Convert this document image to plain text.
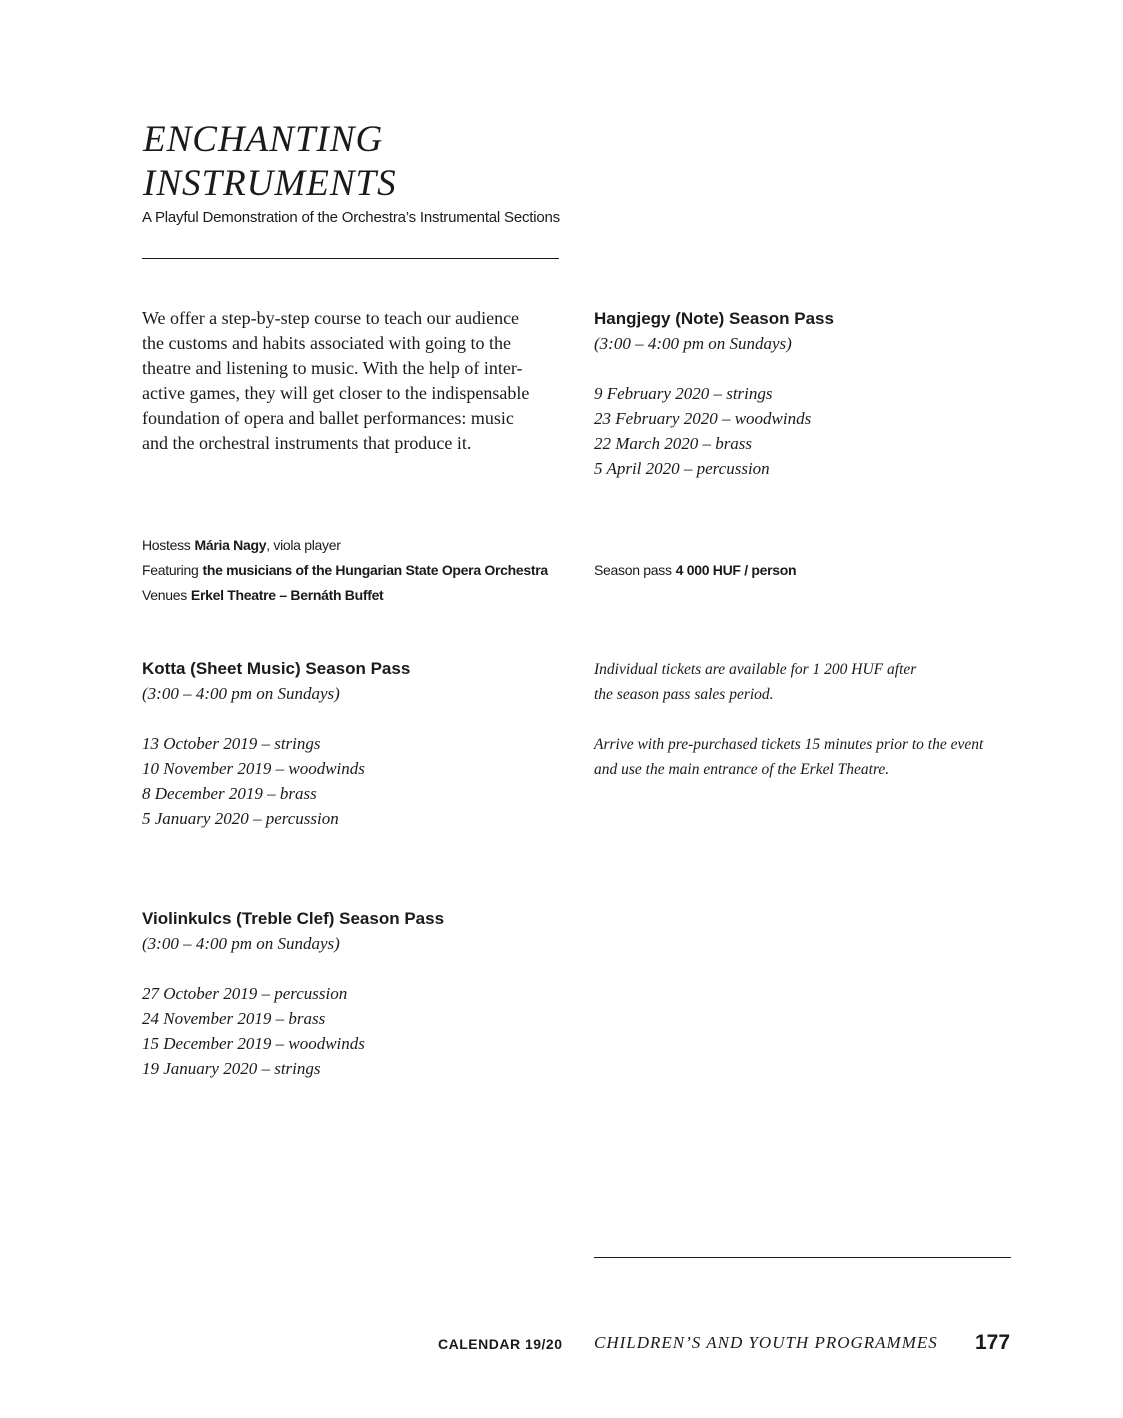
ENCHANTING
INSTRUMENTS
A Playful Demonstration of the Orchestra’s Instrumental Sections
We offer a step-by-step course to teach our audience
the customs and habits associated with going to the
theatre and listening to music. With the help of inter-
active games, they will get closer to the indispensable
foundation of opera and ballet performances: music
and the orchestral instruments that produce it.
Hangjegy (Note) Season Pass
(3:00 – 4:00 pm on Sundays)
9 February 2020 – strings
23 February 2020 – woodwinds
22 March 2020 – brass
5 April 2020 – percussion
Hostess Mária Nagy, viola player
Featuring the musicians of the Hungarian State Opera Orchestra
Venues Erkel Theatre – Bernáth Buffet
Season pass 4 000 HUF / person
Kotta (Sheet Music) Season Pass
(3:00 – 4:00 pm on Sundays)
13 October 2019 – strings
10 November 2019 – woodwinds
8 December 2019 – brass
5 January 2020 – percussion
Individual tickets are available for 1 200 HUF after
the season pass sales period.
Arrive with pre-purchased tickets 15 minutes prior to the event
and use the main entrance of the Erkel Theatre.
Violinkulcs (Treble Clef) Season Pass
(3:00 – 4:00 pm on Sundays)
27 October 2019 – percussion
24 November 2019 – brass
15 December 2019 – woodwinds
19 January 2020 – strings
CALENDAR 19/20 CHILDREN’S AND YOUTH PROGRAMMES 177
